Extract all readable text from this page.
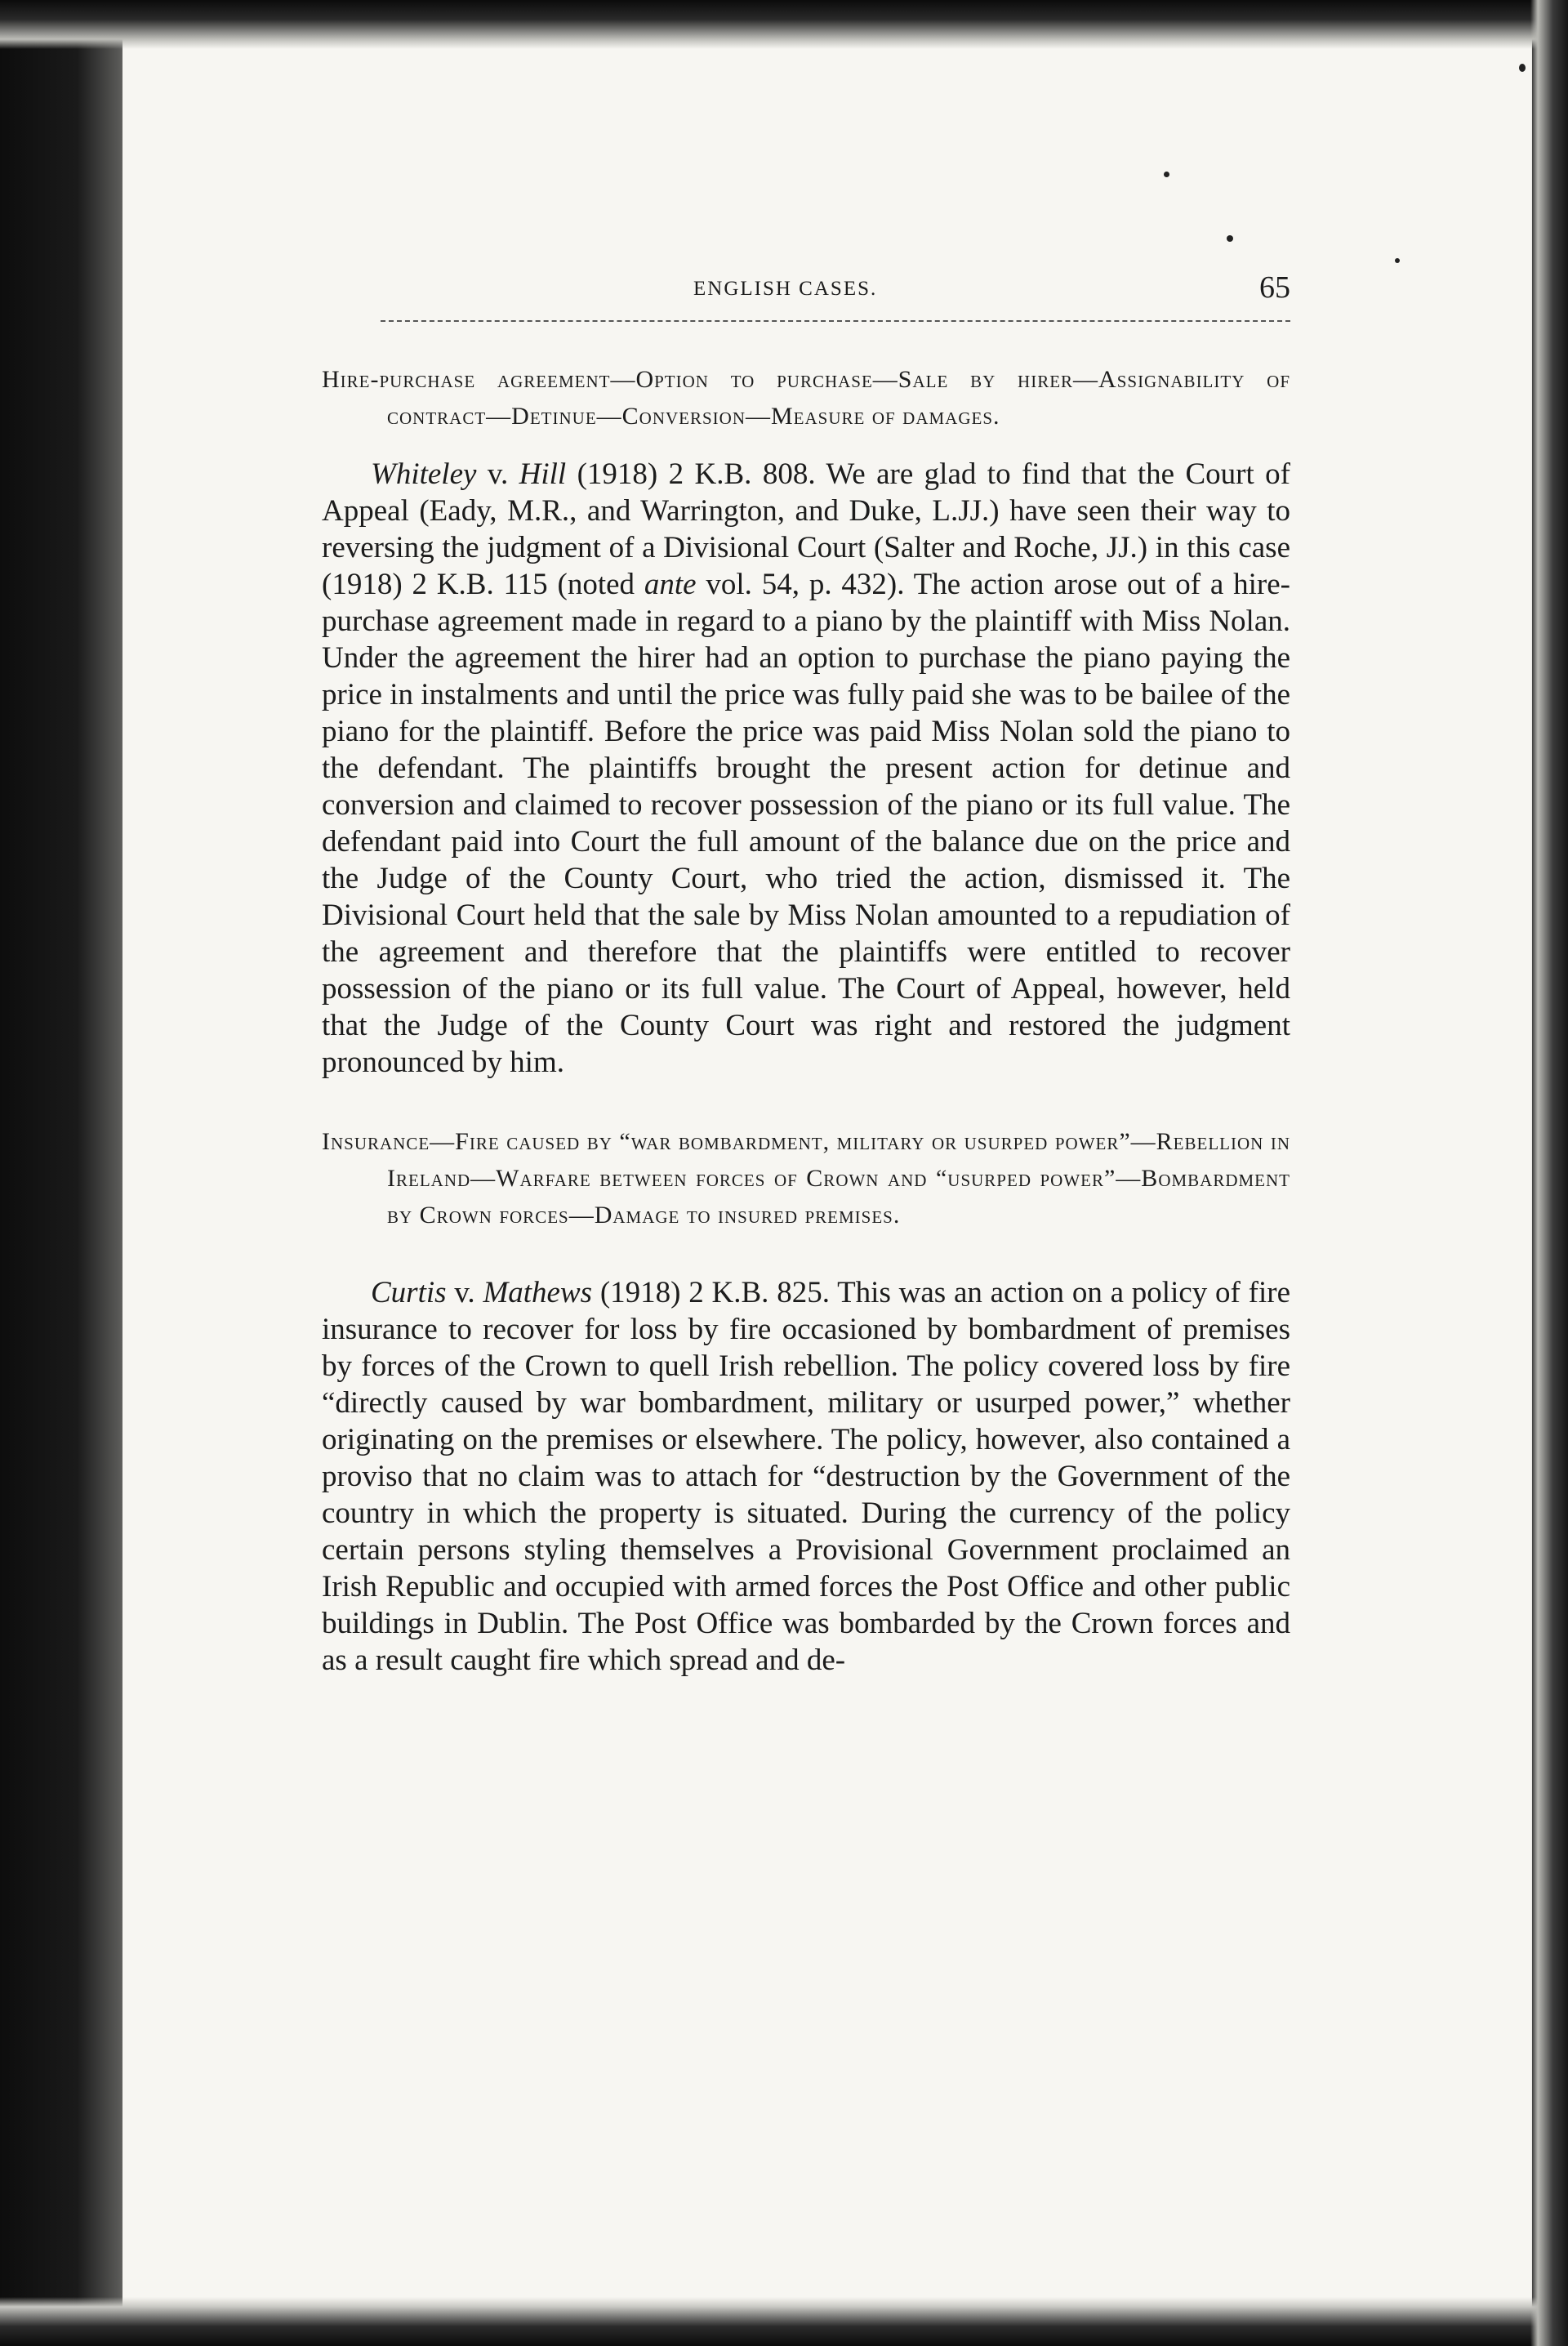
ENGLISH CASES.	65

Hire-purchase agreement—Option to purchase—Sale by hirer—Assignability of contract—Detinue—Conversion—Measure of damages.

Whiteley v. Hill (1918) 2 K.B. 808. We are glad to find that the Court of Appeal (Eady, M.R., and Warrington, and Duke, L.JJ.) have seen their way to reversing the judgment of a Divisional Court (Salter and Roche, JJ.) in this case (1918) 2 K.B. 115 (noted ante vol. 54, p. 432). The action arose out of a hire-purchase agreement made in regard to a piano by the plaintiff with Miss Nolan. Under the agreement the hirer had an option to purchase the piano paying the price in instalments and until the price was fully paid she was to be bailee of the piano for the plaintiff. Before the price was paid Miss Nolan sold the piano to the defendant. The plaintiffs brought the present action for detinue and conversion and claimed to recover possession of the piano or its full value. The defendant paid into Court the full amount of the balance due on the price and the Judge of the County Court, who tried the action, dismissed it. The Divisional Court held that the sale by Miss Nolan amounted to a repudiation of the agreement and therefore that the plaintiffs were entitled to recover possession of the piano or its full value. The Court of Appeal, however, held that the Judge of the County Court was right and restored the judgment pronounced by him.

Insurance—Fire caused by “war bombardment, military or usurped power”—Rebellion in Ireland—Warfare between forces of Crown and “usurped power”—Bombardment by Crown forces—Damage to insured premises.

Curtis v. Mathews (1918) 2 K.B. 825. This was an action on a policy of fire insurance to recover for loss by fire occasioned by bombardment of premises by forces of the Crown to quell Irish rebellion. The policy covered loss by fire “directly caused by war bombardment, military or usurped power,” whether originating on the premises or elsewhere. The policy, however, also contained a proviso that no claim was to attach for “destruction by the Government of the country in which the property is situated. During the currency of the policy certain persons styling themselves a Provisional Government proclaimed an Irish Republic and occupied with armed forces the Post Office and other public buildings in Dublin. The Post Office was bombarded by the Crown forces and as a result caught fire which spread and de-
